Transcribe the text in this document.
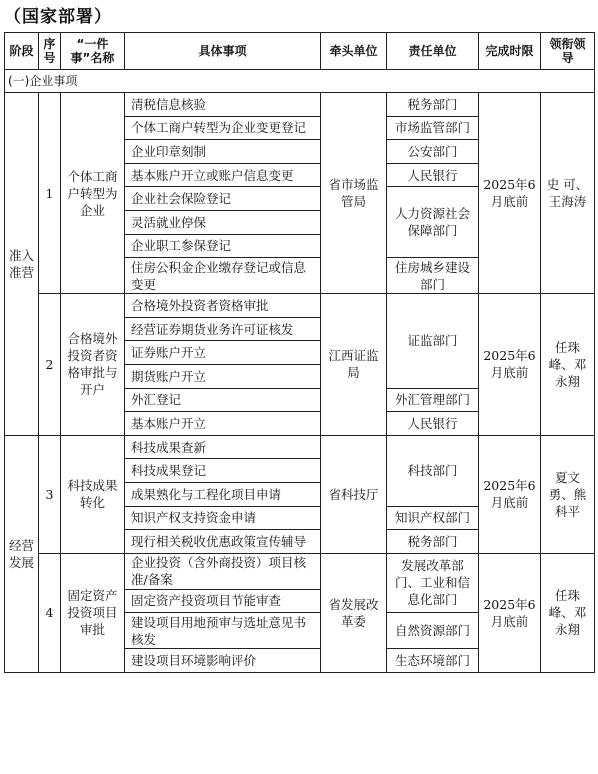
（国家部署）
阶段	序号	“一件事”名称	具体事项	牵头单位	责任单位	完成时限	领衔领导
(一)企业事项							
准入准营	1	个体工商户转型为企业	清税信息核验	省市场监管局	税务部门	2025年6月底前	史 可、王海涛
			个体工商户转型为企业变更登记		市场监管部门		
			企业印章刻制		公安部门		
			基本账户开立或账户信息变更		人民银行		
			企业社会保险登记		人力资源社会保障部门		
			灵活就业停保				
			企业职工参保登记				
			住房公积金企业缴存登记或信息变更		住房城乡建设部门		
	2	合格境外投资者资格审批与开户	合格境外投资者资格审批	江西证监局	证监部门	2025年6月底前	任珠峰、邓永翔
			经营证券期货业务许可证核发				
			证券账户开立				
			期货账户开立				
			外汇登记		外汇管理部门		
			基本账户开立		人民银行		
经营发展	3	科技成果转化	科技成果查新	省科技厅	科技部门	2025年6月底前	夏文勇、熊科平
			科技成果登记				
			成果熟化与工程化项目申请				
			知识产权支持资金申请		知识产权部门		
			现行相关税收优惠政策宣传辅导		税务部门		
	4	固定资产投资项目审批	企业投资（含外商投资）项目核准/备案	省发展改革委	发展改革部门、工业和信息化部门	2025年6月底前	任珠峰、邓永翔
			固定资产投资项目节能审查				
			建设项目用地预审与选址意见书核发		自然资源部门		
			建设项目环境影响评价		生态环境部门		
